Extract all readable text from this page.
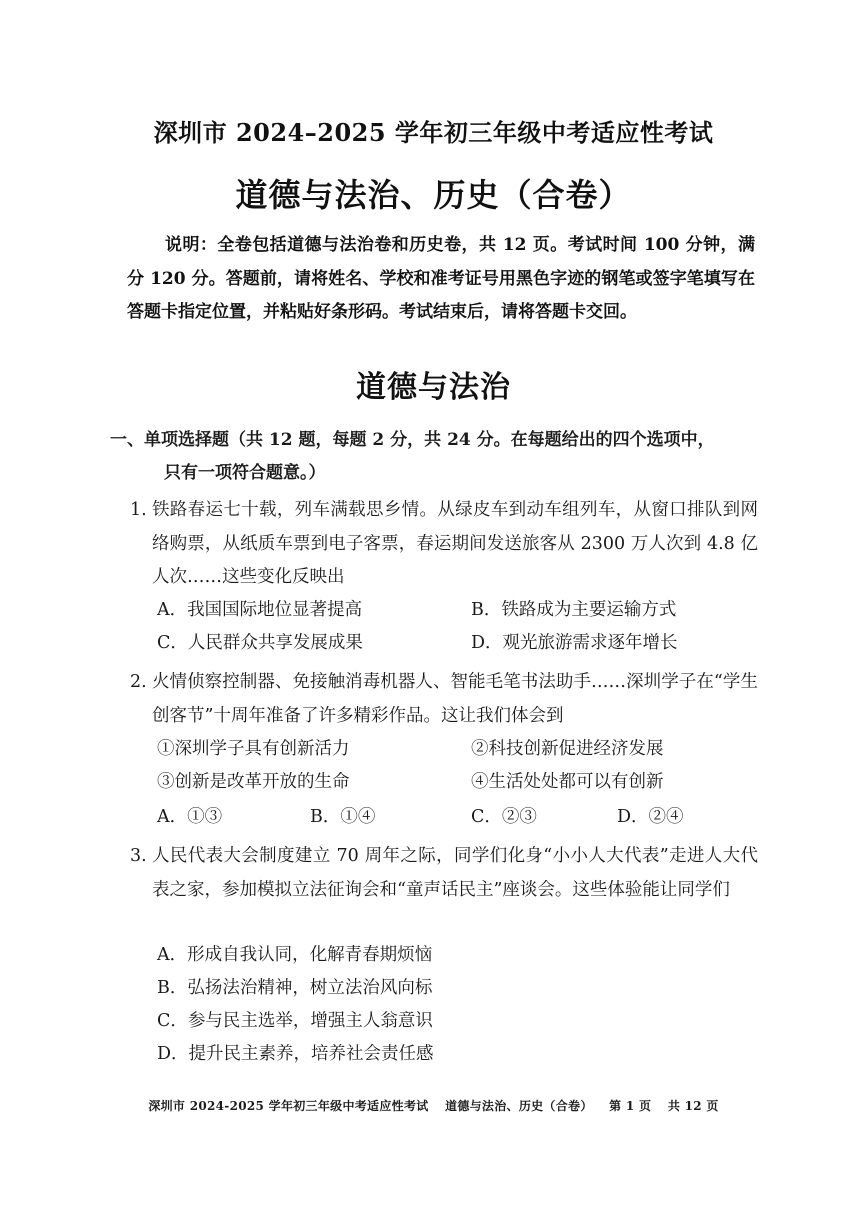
深圳市 2024–2025 学年初三年级中考适应性考试
道德与法治、历史（合卷）

说明：全卷包括道德与法治卷和历史卷，共 12 页。考试时间 100 分钟，满分 120 分。答题前，请将姓名、学校和准考证号用黑色字迹的钢笔或签字笔填写在答题卡指定位置，并粘贴好条形码。考试结束后，请将答题卡交回。

道德与法治

一、单项选择题（共 12 题，每题 2 分，共 24 分。在每题给出的四个选项中，
只有一项符合题意。）

1. 铁路春运七十载，列车满载思乡情。从绿皮车到动车组列车，从窗口排队到网络购票，从纸质车票到电子客票，春运期间发送旅客从 2300 万人次到 4.8 亿人次……这些变化反映出

A．我国国际地位显著提高	B．铁路成为主要运输方式
C．人民群众共享发展成果	D．观光旅游需求逐年增长

2. 火情侦察控制器、免接触消毒机器人、智能毛笔书法助手……深圳学子在“学生创客节”十周年准备了许多精彩作品。这让我们体会到

①深圳学子具有创新活力	②科技创新促进经济发展
③创新是改革开放的生命	④生活处处都可以有创新
A．①③	B．①④	C．②③	D．②④

3. 人民代表大会制度建立 70 周年之际，同学们化身“小小人大代表”走进人大代表之家，参加模拟立法征询会和“童声话民主”座谈会。这些体验能让同学们

A．形成自我认同，化解青春期烦恼
B．弘扬法治精神，树立法治风向标
C．参与民主选举，增强主人翁意识
D．提升民主素养，培养社会责任感
深圳市 2024-2025 学年初三年级中考适应性考试 道德与法治、历史（合卷） 第 1 页 共 12 页
